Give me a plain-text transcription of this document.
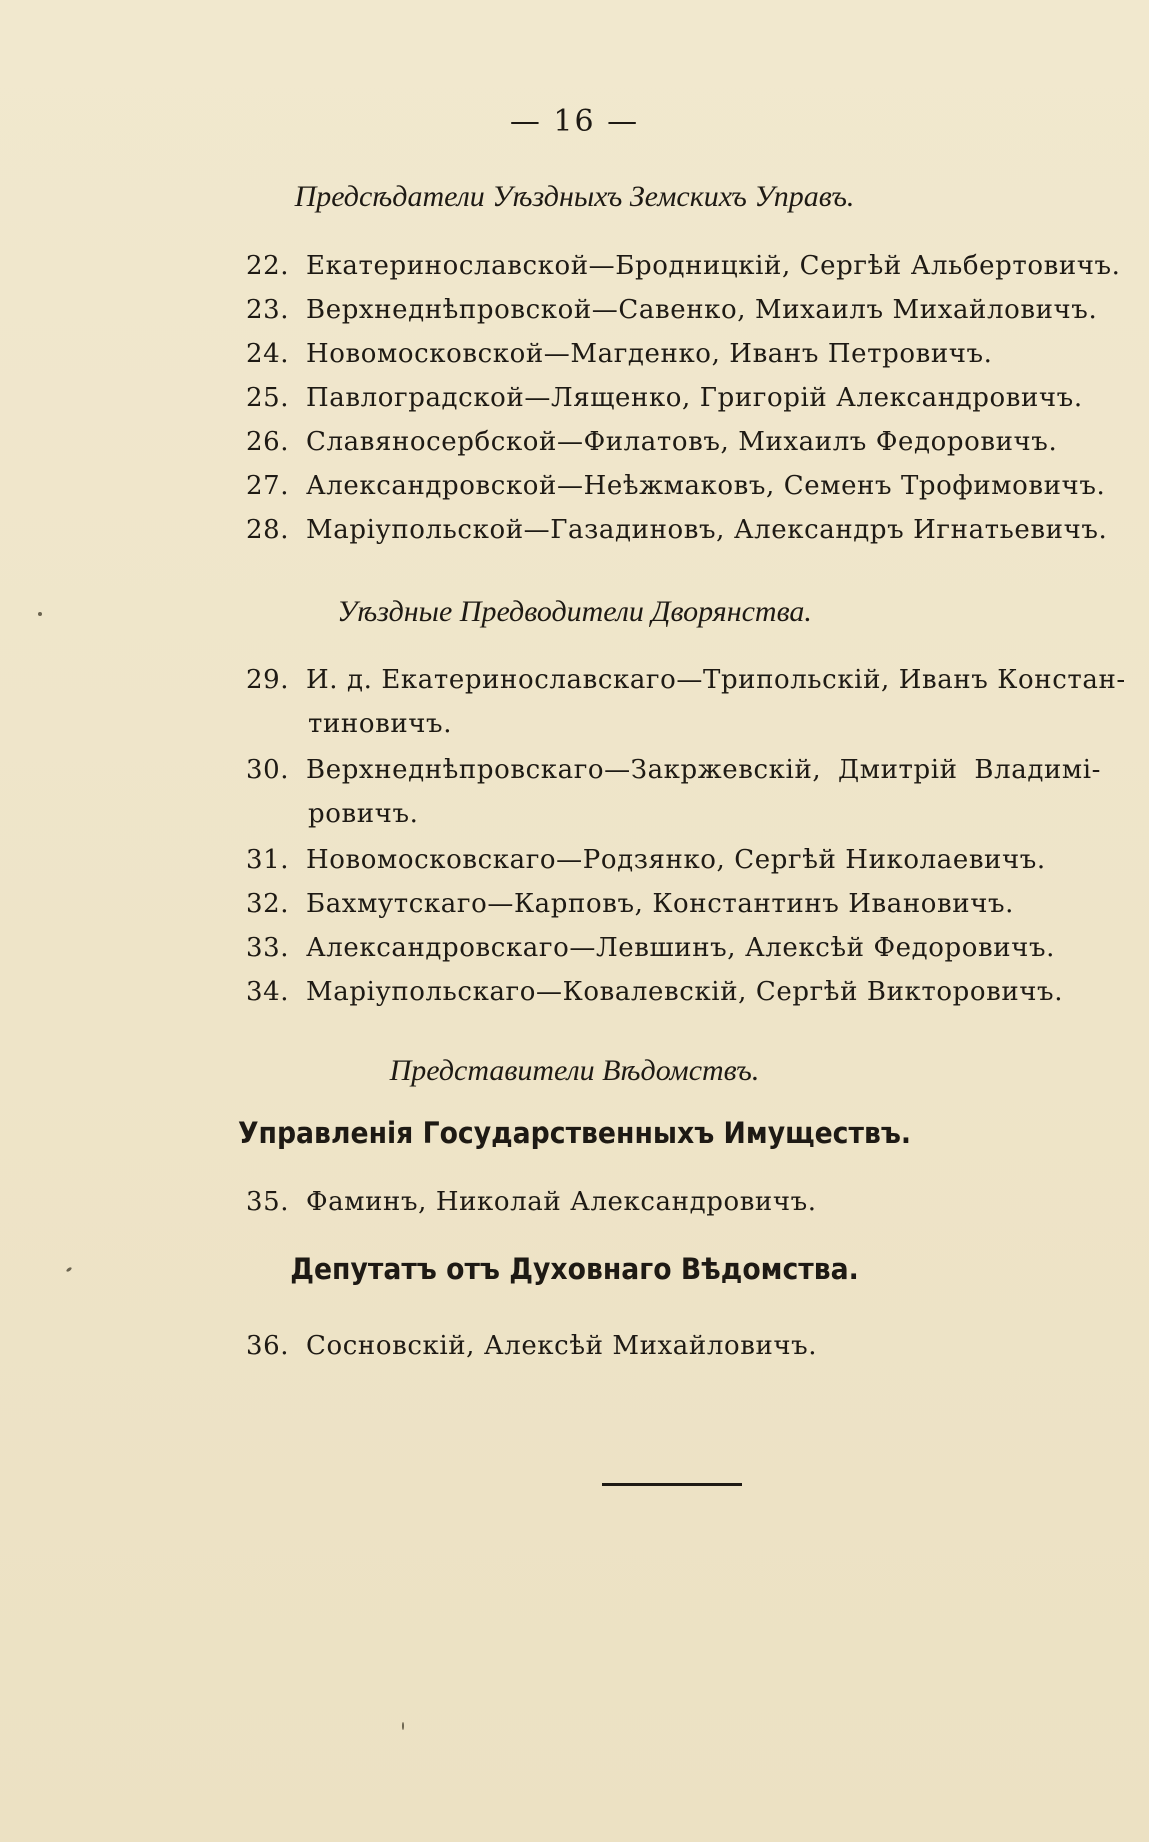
— 16 —
Предсѣдатели Уѣздныхъ Земскихъ Управъ.
22. Екатеринославской—Бродницкій, Сергѣй Альбертовичъ.
23. Верхнеднѣпровской—Савенко, Михаилъ Михайловичъ.
24. Новомосковской—Магденко, Иванъ Петровичъ.
25. Павлоградской—Лященко, Григорій Александровичъ.
26. Славяносербской—Филатовъ, Михаилъ Федоровичъ.
27. Александровской—Неѣжмаковъ, Семенъ Трофимовичъ.
28. Маріупольской—Газадиновъ, Александръ Игнатьевичъ.
Уѣздные Предводители Дворянства.
29. И. д. Екатеринославскаго—Трипольскій, Иванъ Констан-
тиновичъ.
30. Верхнеднѣпровскаго—Закржевскій, Дмитрій Владимі-
ровичъ.
31. Новомосковскаго—Родзянко, Сергѣй Николаевичъ.
32. Бахмутскаго—Карповъ, Константинъ Ивановичъ.
33. Александровскаго—Левшинъ, Алексѣй Федоровичъ.
34. Маріупольскаго—Ковалевскій, Сергѣй Викторовичъ.
Представители Вѣдомствъ.
Управленія Государственныхъ Имуществъ.
35. Фаминъ, Николай Александровичъ.
Депутатъ отъ Духовнаго Вѣдомства.
36. Сосновскій, Алексѣй Михайловичъ.
